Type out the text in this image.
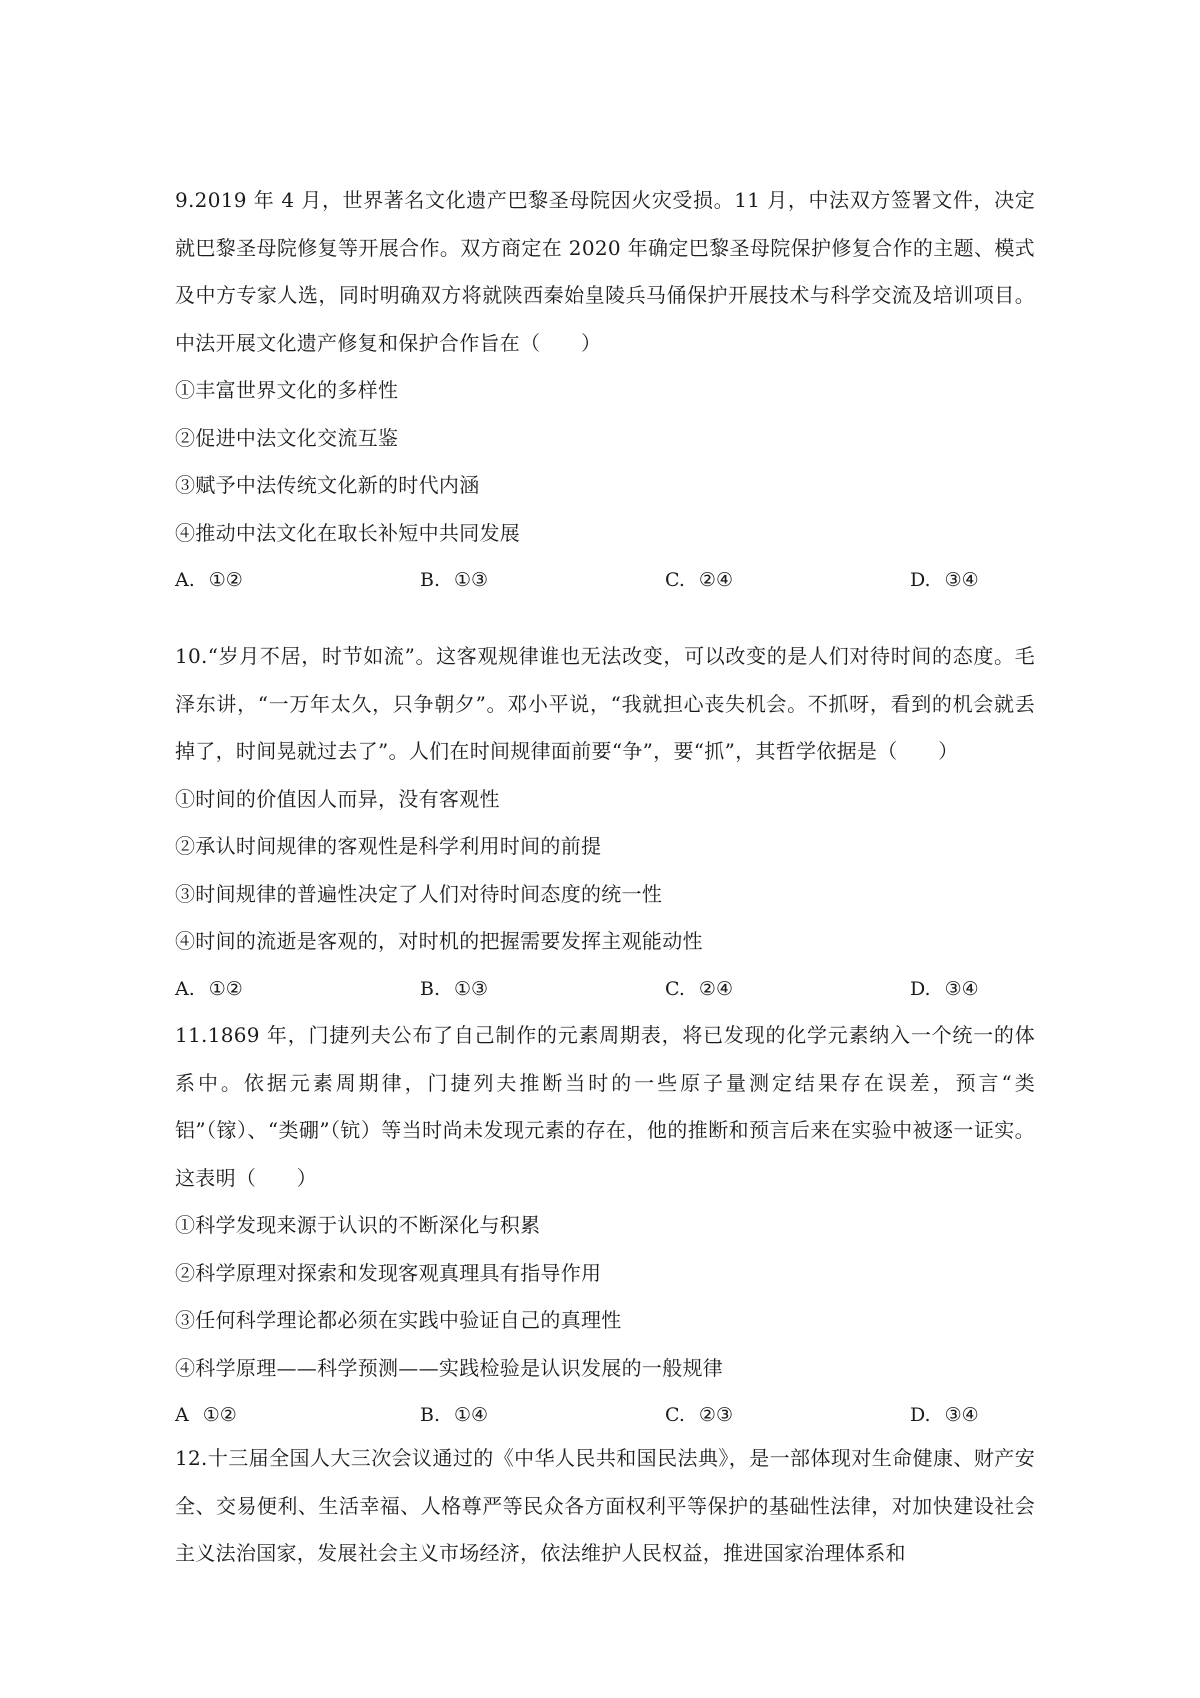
9.2019 年 4 月，世界著名文化遗产巴黎圣母院因火灾受损。11 月，中法双方签署文件，决定就巴黎圣母院修复等开展合作。双方商定在 2020 年确定巴黎圣母院保护修复合作的主题、模式及中方专家人选，同时明确双方将就陕西秦始皇陵兵马俑保护开展技术与科学交流及培训项目。中法开展文化遗产修复和保护合作旨在（　　）

①丰富世界文化的多样性

②促进中法文化交流互鉴

③赋予中法传统文化新的时代内涵

④推动中法文化在取长补短中共同发展

A. ①②	B. ①③	C. ②④	D. ③④

10.“岁月不居，时节如流”。这客观规律谁也无法改变，可以改变的是人们对待时间的态度。毛泽东讲，“一万年太久，只争朝夕”。邓小平说，“我就担心丧失机会。不抓呀，看到的机会就丢掉了，时间晃就过去了”。人们在时间规律面前要“争”，要“抓”，其哲学依据是（　　）

①时间的价值因人而异，没有客观性

②承认时间规律的客观性是科学利用时间的前提

③时间规律的普遍性决定了人们对待时间态度的统一性

④时间的流逝是客观的，对时机的把握需要发挥主观能动性

A. ①②	B. ①③	C. ②④	D. ③④

11.1869 年，门捷列夫公布了自己制作的元素周期表，将已发现的化学元素纳入一个统一的体系中。依据元素周期律，门捷列夫推断当时的一些原子量测定结果存在误差，预言“类铝”（镓）、“类硼”（钪）等当时尚未发现元素的存在，他的推断和预言后来在实验中被逐一证实。这表明（　　）

①科学发现来源于认识的不断深化与积累

②科学原理对探索和发现客观真理具有指导作用

③任何科学理论都必须在实践中验证自己的真理性

④科学原理——科学预测——实践检验是认识发展的一般规律

A ①②	B. ①④	C. ②③	D. ③④

12.十三届全国人大三次会议通过的《中华人民共和国民法典》，是一部体现对生命健康、财产安全、交易便利、生活幸福、人格尊严等民众各方面权利平等保护的基础性法律，对加快建设社会主义法治国家，发展社会主义市场经济，依法维护人民权益，推进国家治理体系和
